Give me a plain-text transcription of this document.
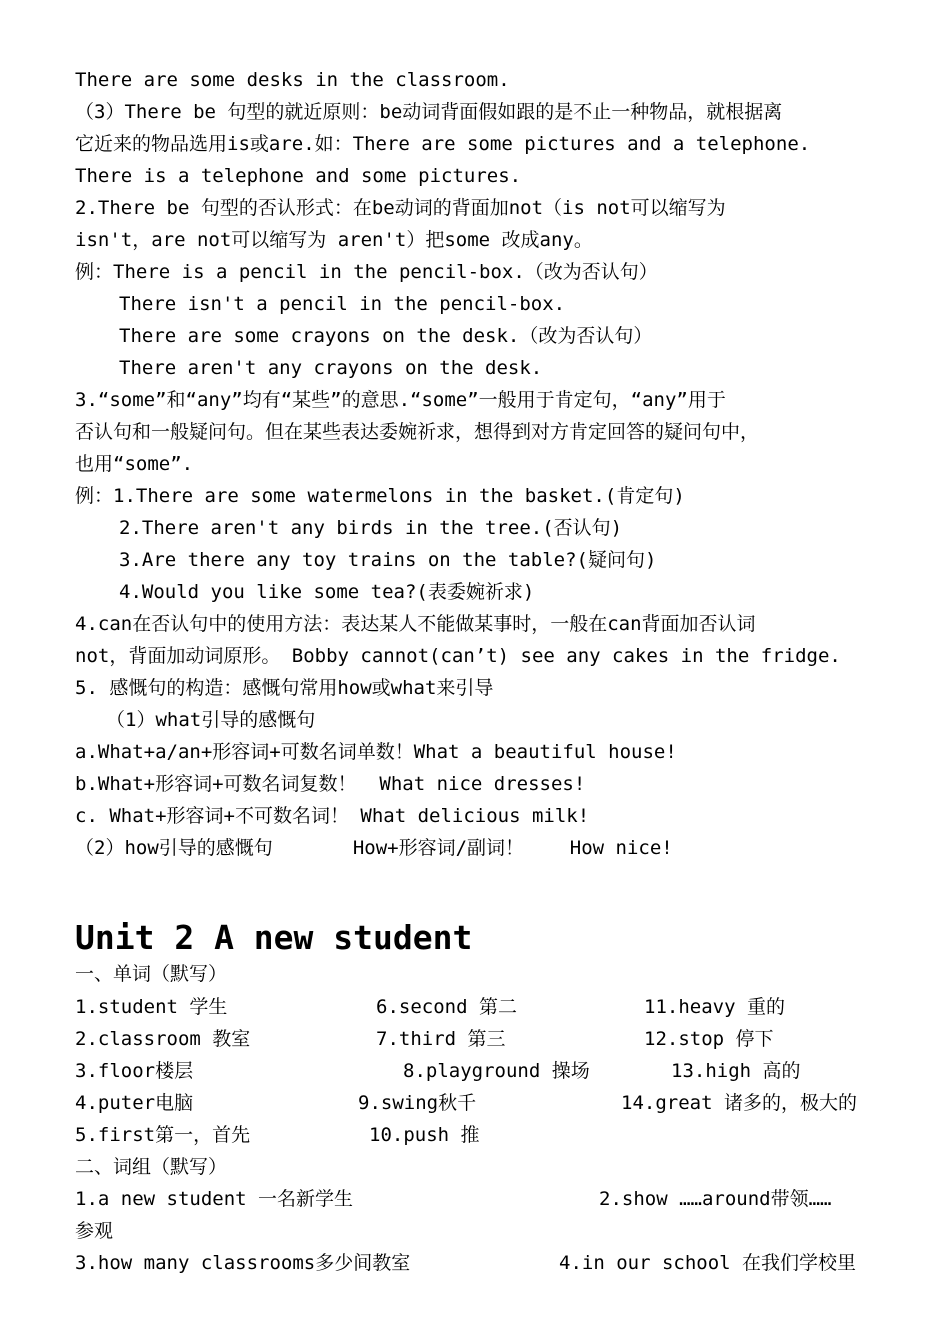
There are some desks in the classroom.
（3）There be 句型的就近原则：be动词背面假如跟的是不止一种物品，就根据离
它近来的物品选用is或are.如：There are some pictures and a telephone.
There is a telephone and some pictures.
2.There be 句型的否认形式：在be动词的背面加not（is not可以缩写为
isn't，are not可以缩写为 aren't）把some 改成any。
例：There is a pencil in the pencil-box.（改为否认句）
There isn't a pencil in the pencil-box.
There are some crayons on the desk.（改为否认句）
There aren't any crayons on the desk.
3.“some”和“any”均有“某些”的意思.“some”一般用于肯定句，“any”用于
否认句和一般疑问句。但在某些表达委婉祈求，想得到对方肯定回答的疑问句中，
也用“some”.
例：1.There are some watermelons in the basket.(肯定句)
2.There aren't any birds in the tree.(否认句)
3.Are there any toy trains on the table?(疑问句)
4.Would you like some tea?(表委婉祈求)
4.can在否认句中的使用方法：表达某人不能做某事时，一般在can背面加否认词
not，背面加动词原形。 Bobby cannot(can’t) see any cakes in the fridge.
5. 感慨句的构造：感慨句常用how或what来引导
（1）what引导的感慨句
a.What+a/an+形容词+可数名词单数！What a beautiful house!
b.What+形容词+可数名词复数！  What nice dresses!
c. What+形容词+不可数名词！ What delicious milk!
（2）how引导的感慨句       How+形容词/副词！    How nice!
Unit 2 A new student
一、单词（默写）
1.student 学生	6.second 第二	11.heavy 重的
2.classroom 教室	7.third 第三	12.stop 停下
3.floor楼层	8.playground 操场	13.high 高的
4.puter电脑	9.swing秋千	14.great 诸多的，极大的
5.first第一，首先	10.push 推
二、词组（默写）
1.a new student 一名新学生	2.show ……around带领……
参观
3.how many classrooms多少间教室	4.in our school 在我们学校里
